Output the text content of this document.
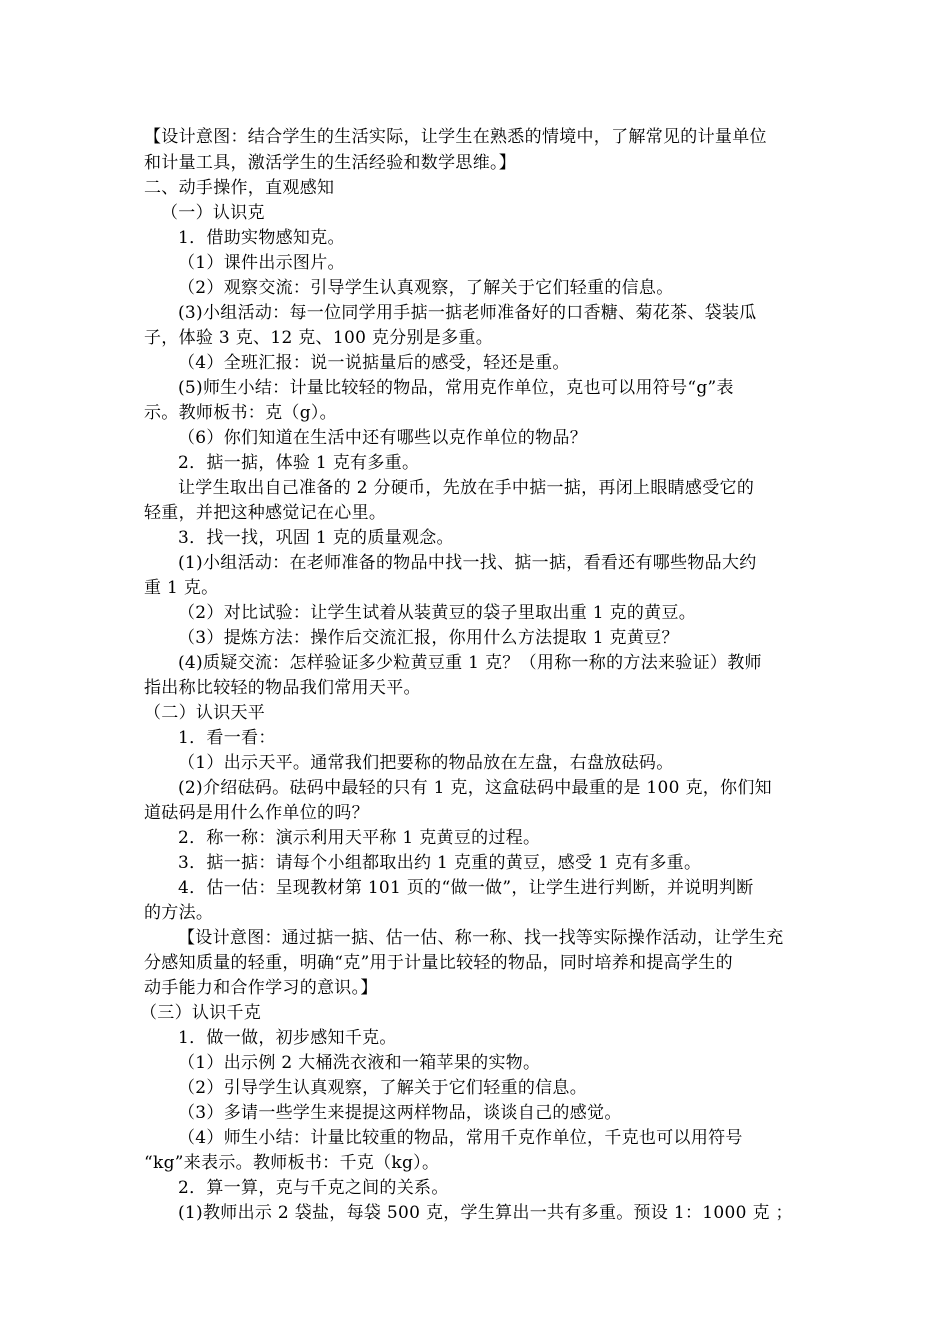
【设计意图：结合学生的生活实际，让学生在熟悉的情境中，了解常见的计量单位
和计量工具，激活学生的生活经验和数学思维。】
二、动手操作，直观感知
（一）认识克
1．借助实物感知克。
（1）课件出示图片。
（2）观察交流：引导学生认真观察，了解关于它们轻重的信息。
(3)小组活动：每一位同学用手掂一掂老师准备好的口香糖、菊花茶、袋装瓜
子，体验 3 克、12 克、100 克分别是多重。
（4）全班汇报：说一说掂量后的感受，轻还是重。
(5)师生小结：计量比较轻的物品，常用克作单位，克也可以用符号“g”表
示。教师板书：克（g）。
（6）你们知道在生活中还有哪些以克作单位的物品？
2．掂一掂，体验 1 克有多重。
让学生取出自己准备的 2 分硬币，先放在手中掂一掂，再闭上眼睛感受它的
轻重，并把这种感觉记在心里。
3．找一找，巩固 1 克的质量观念。
(1)小组活动：在老师准备的物品中找一找、掂一掂，看看还有哪些物品大约
重 1 克。
（2）对比试验：让学生试着从装黄豆的袋子里取出重 1 克的黄豆。
（3）提炼方法：操作后交流汇报，你用什么方法提取 1 克黄豆？
(4)质疑交流：怎样验证多少粒黄豆重 1 克？（用称一称的方法来验证）教师
指出称比较轻的物品我们常用天平。
（二）认识天平
1．看一看：
（1）出示天平。通常我们把要称的物品放在左盘，右盘放砝码。
(2)介绍砝码。砝码中最轻的只有 1 克，这盒砝码中最重的是 100 克，你们知
道砝码是用什么作单位的吗？
2．称一称：演示利用天平称 1 克黄豆的过程。
3．掂一掂：请每个小组都取出约 1 克重的黄豆，感受 1 克有多重。
4．估一估：呈现教材第 101 页的“做一做”，让学生进行判断，并说明判断
的方法。
【设计意图：通过掂一掂、估一估、称一称、找一找等实际操作活动，让学生充
分感知质量的轻重，明确“克”用于计量比较轻的物品，同时培养和提高学生的
动手能力和合作学习的意识。】
（三）认识千克
1．做一做，初步感知千克。
（1）出示例 2 大桶洗衣液和一箱苹果的实物。
（2）引导学生认真观察，了解关于它们轻重的信息。
（3）多请一些学生来提提这两样物品，谈谈自己的感觉。
（4）师生小结：计量比较重的物品，常用千克作单位，千克也可以用符号
“kg”来表示。教师板书：千克（kg）。
2．算一算，克与千克之间的关系。
(1)教师出示 2 袋盐，每袋 500 克，学生算出一共有多重。预设 1：1000 克 ；
